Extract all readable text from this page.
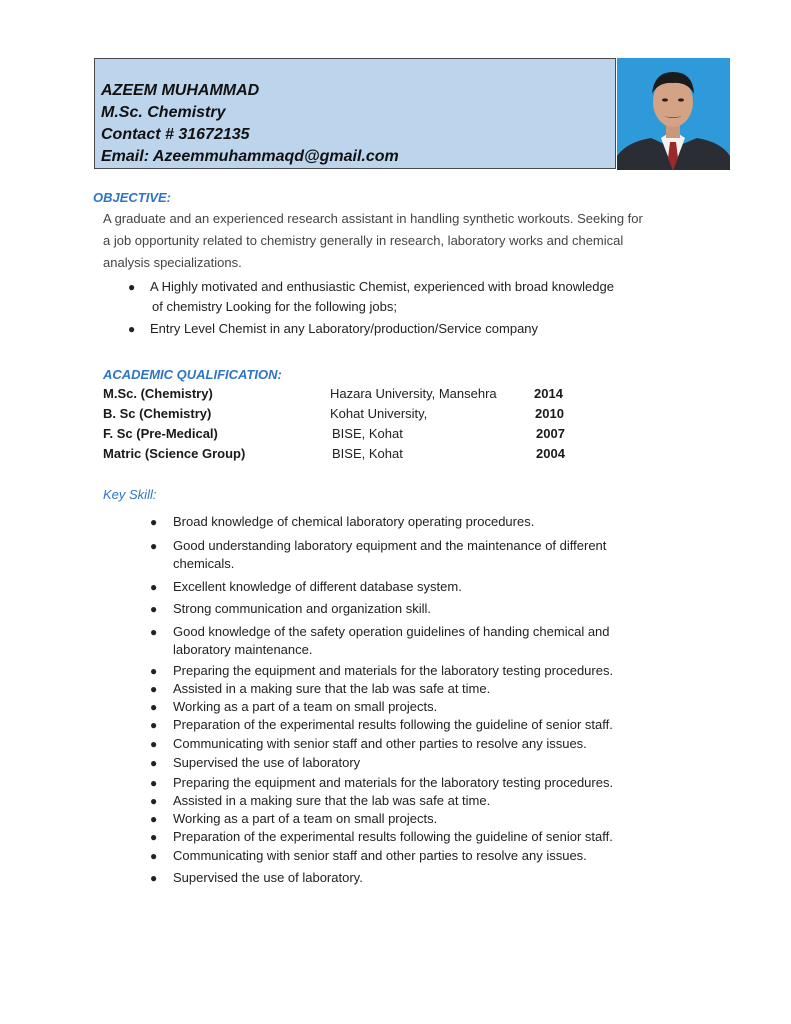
AZEEM MUHAMMAD
M.Sc. Chemistry
Contact # 31672135
Email: Azeemmuhammaqd@gmail.com
OBJECTIVE:
A graduate and an experienced research assistant in handling synthetic workouts. Seeking for
a job opportunity related to chemistry generally in research, laboratory works and chemical
analysis specializations.
● A Highly motivated and enthusiastic Chemist, experienced with broad knowledge
of chemistry Looking for the following jobs;
● Entry Level Chemist in any Laboratory/production/Service company
ACADEMIC QUALIFICATION:
M.Sc. (Chemistry)	Hazara University, Mansehra	2014
B. Sc (Chemistry)	Kohat University,	2010
F. Sc (Pre-Medical)	BISE, Kohat	2007
Matric (Science Group)	BISE, Kohat	2004
Key Skill:
● Broad knowledge of chemical laboratory operating procedures.
● Good understanding laboratory equipment and the maintenance of different
chemicals.
● Excellent knowledge of different database system.
● Strong communication and organization skill.
● Good knowledge of the safety operation guidelines of handing chemical and
laboratory maintenance.
● Preparing the equipment and materials for the laboratory testing procedures.
● Assisted in a making sure that the lab was safe at time.
● Working as a part of a team on small projects.
● Preparation of the experimental results following the guideline of senior staff.
● Communicating with senior staff and other parties to resolve any issues.
● Supervised the use of laboratory
● Preparing the equipment and materials for the laboratory testing procedures.
● Assisted in a making sure that the lab was safe at time.
● Working as a part of a team on small projects.
● Preparation of the experimental results following the guideline of senior staff.
● Communicating with senior staff and other parties to resolve any issues.
● Supervised the use of laboratory.
